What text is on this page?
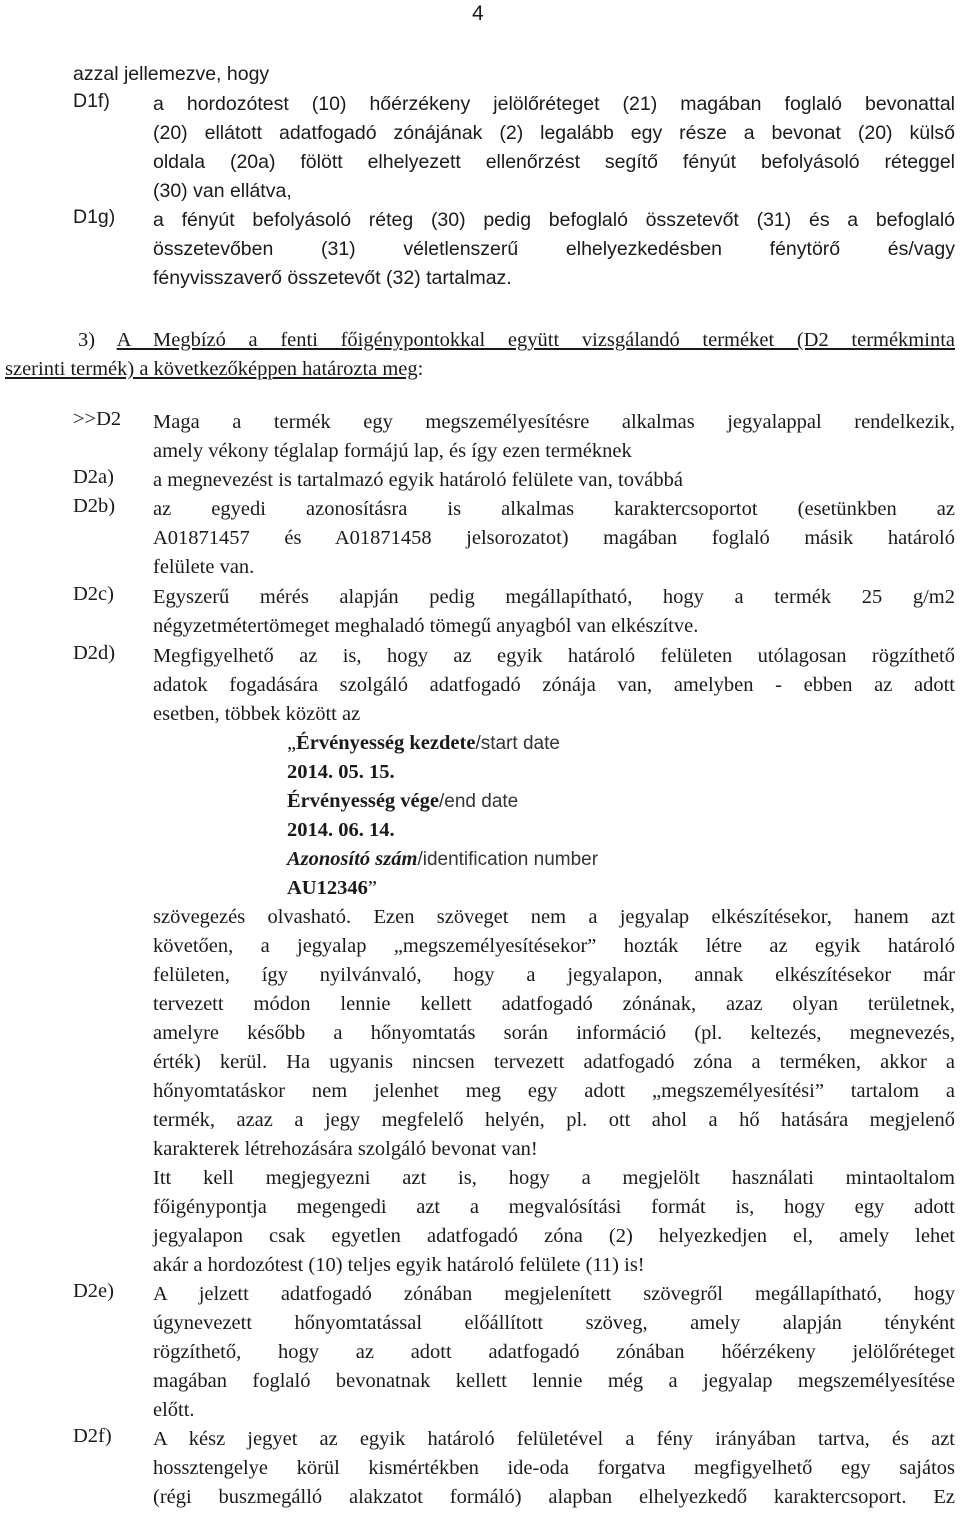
4
azzal jellemezve, hogy
D1f) a hordozótest (10) hőérzékeny jelölőréteget (21) magában foglaló bevonattal
(20) ellátott adatfogadó zónájának (2) legalább egy része a bevonat (20) külső
oldala (20a) fölött elhelyezett ellenőrzést segítő fényút befolyásoló réteggel
(30) van ellátva,
D1g) a fényút befolyásoló réteg (30) pedig befoglaló összetevőt (31) és a befoglaló
összetevőben (31) véletlenszerű elhelyezkedésben fénytörő és/vagy
fényvisszaverő összetevőt (32) tartalmaz.
3) A Megbízó a fenti főigénypontokkal együtt vizsgálandó terméket (D2 termékminta
szerinti termék) a következőképpen határozta meg:
>>D2 Maga a termék egy megszemélyesítésre alkalmas jegyalappal rendelkezik,
amely vékony téglalap formájú lap, és így ezen terméknek
D2a) a megnevezést is tartalmazó egyik határoló felülete van, továbbá
D2b) az egyedi azonosításra is alkalmas karaktercsoportot (esetünkben az
A01871457 és A01871458 jelsorozatot) magában foglaló másik határoló
felülete van.
D2c) Egyszerű mérés alapján pedig megállapítható, hogy a termék 25 g/m2
négyzetmétertömeget meghaladó tömegű anyagból van elkészítve.
D2d) Megfigyelhető az is, hogy az egyik határoló felületen utólagosan rögzíthető
adatok fogadására szolgáló adatfogadó zónája van, amelyben - ebben az adott
esetben, többek között az
„Érvényesség kezdete/start date
2014. 05. 15.
Érvényesség vége/end date
2014. 06. 14.
Azonosító szám/identification number
AU12346”
szövegezés olvasható. Ezen szöveget nem a jegyalap elkészítésekor, hanem azt
követően, a jegyalap „megszemélyesítésekor” hozták létre az egyik határoló
felületen, így nyilvánvaló, hogy a jegyalapon, annak elkészítésekor már
tervezett módon lennie kellett adatfogadó zónának, azaz olyan területnek,
amelyre később a hőnyomtatás során információ (pl. keltezés, megnevezés,
érték) kerül. Ha ugyanis nincsen tervezett adatfogadó zóna a terméken, akkor a
hőnyomtatáskor nem jelenhet meg egy adott „megszemélyesítési” tartalom a
termék, azaz a jegy megfelelő helyén, pl. ott ahol a hő hatására megjelenő
karakterek létrehozására szolgáló bevonat van!
Itt kell megjegyezni azt is, hogy a megjelölt használati mintaoltalom
főigénypontja megengedi azt a megvalósítási formát is, hogy egy adott
jegyalapon csak egyetlen adatfogadó zóna (2) helyezkedjen el, amely lehet
akár a hordozótest (10) teljes egyik határoló felülete (11) is!
D2e) A jelzett adatfogadó zónában megjelenített szövegről megállapítható, hogy
úgynevezett hőnyomtatással előállított szöveg, amely alapján tényként
rögzíthető, hogy az adott adatfogadó zónában hőérzékeny jelölőréteget
magában foglaló bevonatnak kellett lennie még a jegyalap megszemélyesítése
előtt.
D2f) A kész jegyet az egyik határoló felületével a fény irányában tartva, és azt
hossztengelye körül kismértékben ide-oda forgatva megfigyelhető egy sajátos
(régi buszmegálló alakzatot formáló) alapban elhelyezkedő karaktercsoport. Ez
